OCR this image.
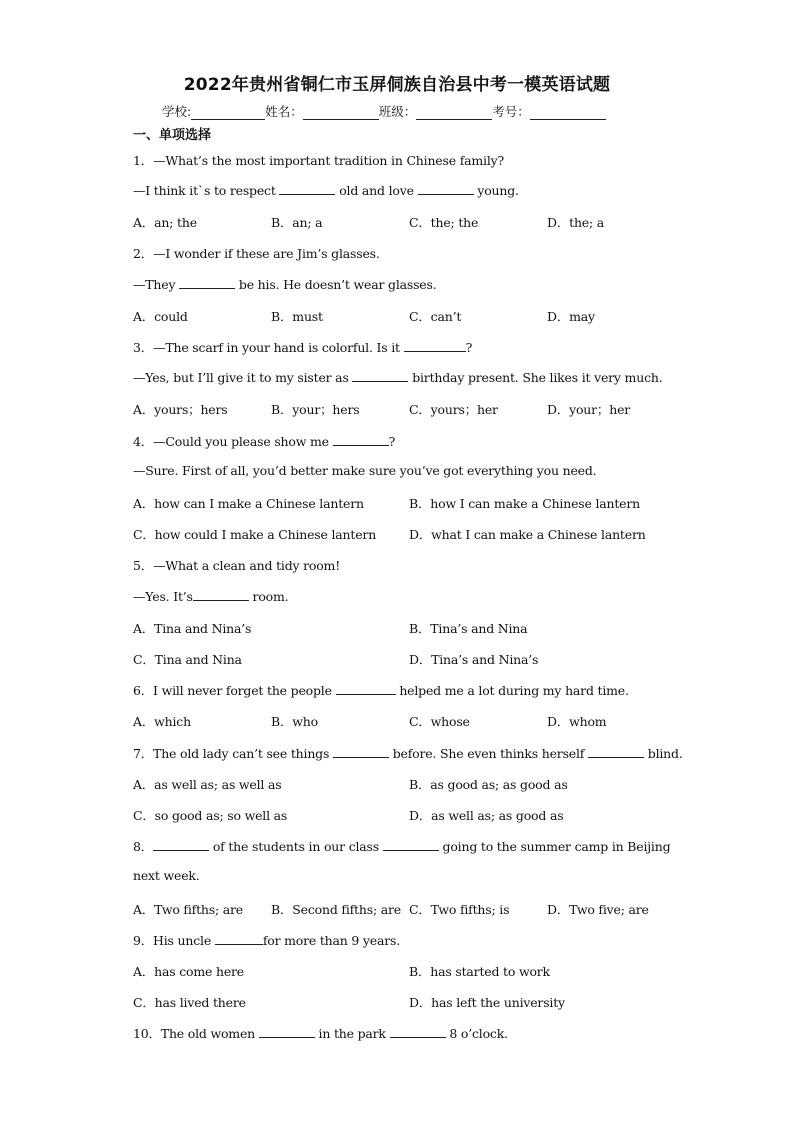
2022年贵州省铜仁市玉屏侗族自治县中考一模英语试题
学校:	姓名：	班级：	考号：
一、单项选择
1．—What’s the most important tradition in Chinese family?
—I think it`s to respect	old and love	young.
A．an; the	B．an; a	C．the; the	D．the; a
2．—I wonder if these are Jim’s glasses.
—They	be his. He doesn’t wear glasses.
A．could	B．must	C．can’t	D．may
3．—The scarf in your hand is colorful. Is it	?
—Yes, but I’ll give it to my sister as	birthday present. She likes it very much.
A．yours；hers	B．your；hers	C．yours；her	D．your；her
4．—Could you please show me	?
—Sure. First of all, you’d better make sure you’ve got everything you need.
A．how can I make a Chinese lantern	B．how I can make a Chinese lantern
C．how could I make a Chinese lantern	D．what I can make a Chinese lantern
5．—What a clean and tidy room!
—Yes. It’s	room.
A．Tina and Nina’s	B．Tina’s and Nina
C．Tina and Nina	D．Tina’s and Nina’s
6．I will never forget the people	helped me a lot during my hard time.
A．which	B．who	C．whose	D．whom
7．The old lady can’t see things	before. She even thinks herself	blind.
A．as well as; as well as	B．as good as; as good as
C．so good as; so well as	D．as well as; as good as
8．	of the students in our class	going to the summer camp in Beijing
next week.
A．Two fifths; are B．Second fifths; are C．Two fifths; is	D．Two five; are
9．His uncle	for more than 9 years.
A．has come here	B．has started to work
C．has lived there	D．has left the university
10．The old women	in the park	8 o’clock.
